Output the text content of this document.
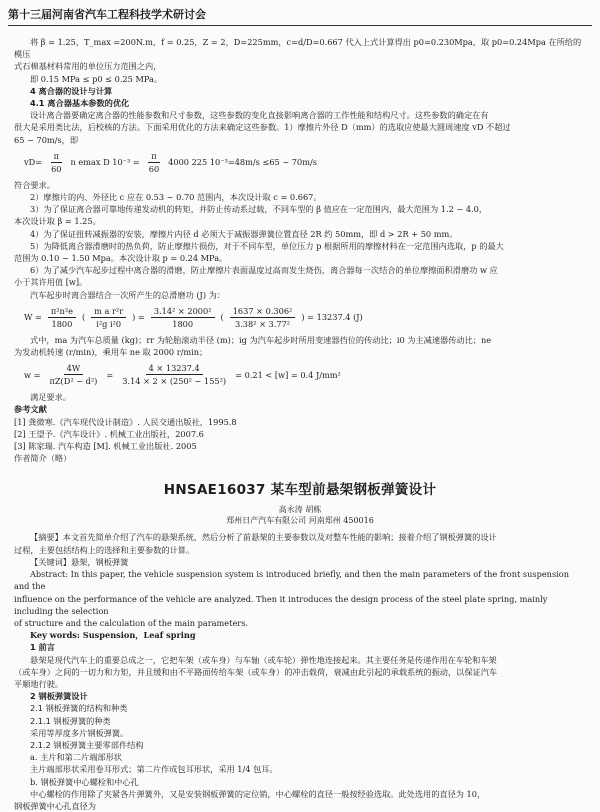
第十三届河南省汽车工程科技学术研讨会

将 β = 1.25，T_max =200N.m，f = 0.25，Z = 2，D=225mm，c=d/D=0.667 代入上式计算得出 p0=0.230Mpa，取 p0=0.24Mpa 在所给的模压

式石棉基材料常用的单位压力范围之内，

即 0.15 MPa ≤ p0 ≤ 0.25 MPa。

4 离合器的设计与计算

4.1 离合器基本参数的优化

设计离合器要确定离合器的性能参数和尺寸参数，这些参数的变化直接影响离合器的工作性能和结构尺寸。这些参数的确定在有

很大是采用类比法，后校核的方法。下面采用优化的方法来确定这些参数。1）摩擦片外径 D（mm）的选取应使最大圆周速度 vD 不超过

65 ~ 70m/s，即

$vD= \frac{\pi}{60}$ n emax D $10^{-3} = \frac{\pi}{60} 4000$ 225 10⁻³=48m/s ≤65 ~ 70m/s

符合要求。

2）摩擦片的内、外径比 c 应在 0.53 ~ 0.70 范围内，本次设计取 c = 0.667。

3）为了保证离合器可靠地传递发动机的转矩，并防止传动系过载，不同车型的 β 值应在一定范围内，最大范围为 1.2 ~ 4.0，

本次设计取 β = 1.25。

4）为了保证扭转减振器的安装，摩擦片内径 d 必须大于减振器弹簧位置直径 2R 约 50mm，即 d > 2R + 50 mm。

5）为降低离合器滑磨时的热负荷，防止摩擦片损伤，对于不同车型，单位压力 p 根据所用的摩擦材料在一定范围内选取，p 的最大

范围为 0.10 ~ 1.50 Mpa。本次设计取 p = 0.24 MPa。

6）为了减少汽车起步过程中离合器的滑磨，防止摩擦片表面温度过高而发生烧伤，离合器每一次结合的单位摩擦面积滑磨功 w 应

小于其许用值 [w]。

汽车起步时离合器结合一次所产生的总滑磨功 (J) 为：

$W = \frac{\text{π²n²e}}{1800}$ ( $\frac{\text{m a r²r}}{\text{i²g i²0}}$ ) = $\frac{\text{3.14² × 2000²}}{1800}$ ( $\frac{\text{1637 × 0.306²}}{\text{3.38² × 3.77²}}$ ) = 13237.4 (J)

式中，ma 为汽车总质量 (kg)；rr 为轮胎滚动半径 (m)；ig 为汽车起步时所用变速器挡位的传动比；i0 为主减速器传动比；ne

为发动机转速 (r/min)，乘用车 ne 取 2000 r/min；

$w = \frac{4W}{\text{πZ(D² − d²)}} = \frac{4 \times 13237.4}{\text{3.14 × 2 × (250² − 155²)}} = 0.21 < [w] = 0.4$ J/mm²

满足要求。

参考文献

[1] 龚微寒.《汽车现代设计制造》. 人民交通出版社，1995.8

[2] 王望予.《汽车设计》. 机械工业出版社，2007.6

[3] 陈家瑞. 汽车构造 [M]. 机械工业出版社. 2005

作者简介（略）

HNSAE16037 某车型前悬架钢板弹簧设计
高永涛 胡栋
郑州日产汽车有限公司 河南郑州 450016

【摘要】本文首先简单介绍了汽车的悬架系统，然后分析了前悬架的主要参数以及对整车性能的影响；接着介绍了钢板弹簧的设计

过程，主要包括结构上的选择和主要参数的计算。

【关键词】悬架，钢板弹簧

Abstract: In this paper, the vehicle suspension system is introduced briefly, and then the main parameters of the front suspension and the

influence on the performance of the vehicle are analyzed. Then it introduces the design process of the steel plate spring, mainly including the selection

of structure and the calculation of the main parameters.

Key words: Suspension，Leaf spring

1 前言

悬架是现代汽车上的重要总成之一，它把车架（或车身）与车轴（或车轮）弹性地连接起来。其主要任务是传递作用在车轮和车架

（或车身）之间的一切力和力矩，并且缓和由不平路面传给车架（或车身）的冲击载荷，衰减由此引起的承载系统的振动，以保证汽车

平顺地行驶。

2 钢板弹簧设计

2.1 钢板弹簧的结构和种类

2.1.1 钢板弹簧的种类

采用等厚度多片钢板弹簧。

2.1.2 钢板弹簧主要零部件结构

a. 主片和第二片端部形状

主片端部形状采用卷耳形式；第二片作成包耳形状，采用 1/4 包耳。

b. 钢板弹簧中心螺栓和中心孔

中心螺栓的作用除了夹紧各片弹簧外，又是安装钢板弹簧的定位销，中心螺栓的直径一般按经验选取。此处选用的直径为 10，

钢板弹簧中心孔直径为
